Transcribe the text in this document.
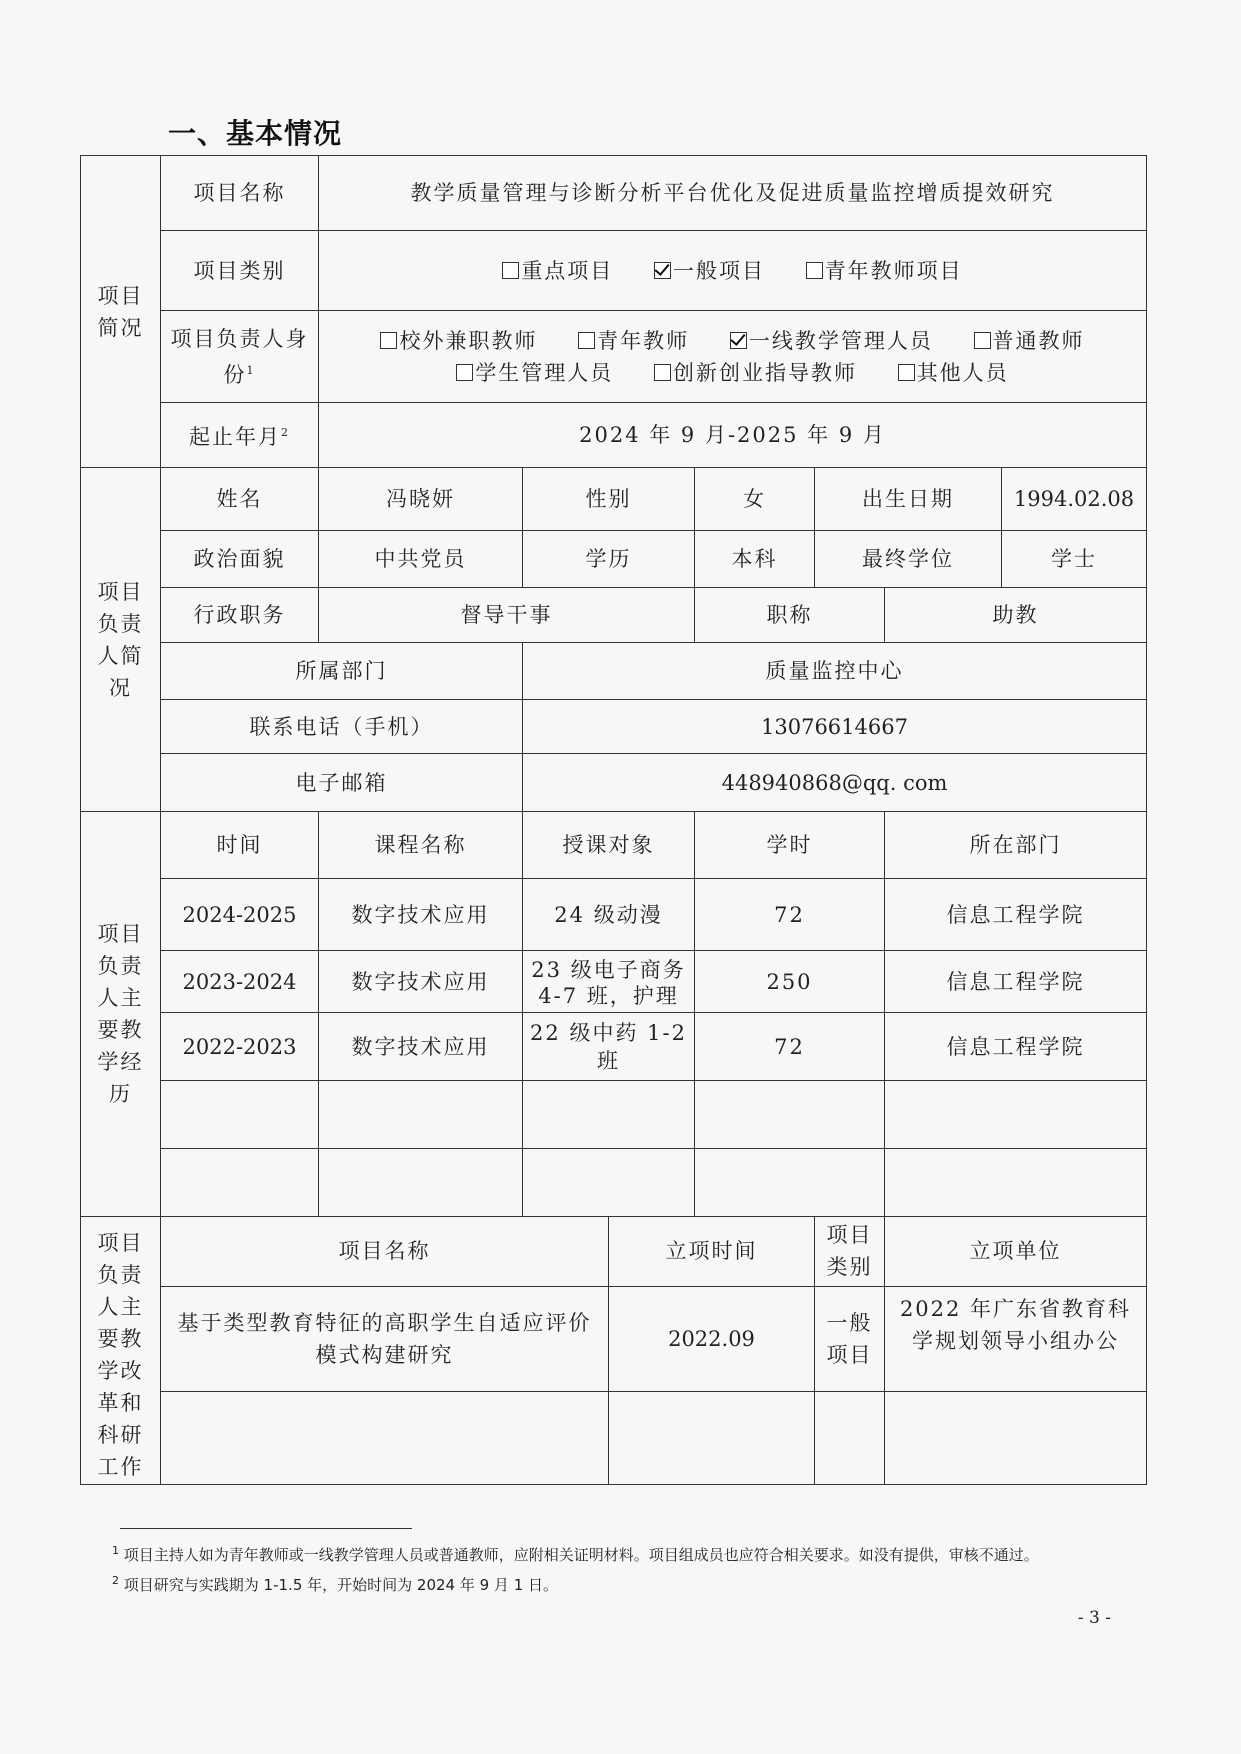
一、基本情况
项目简况	项目名称	教学质量管理与诊断分析平台优化及促进质量监控增质提效研究						
	项目类别	重点项目 一般项目 青年教师项目						
	项目负责人身份$^1$	校外兼职教师 青年教师 一线教学管理人员 普通教师
学生管理人员 创新创业指导教师 其他人员						

	起止年月$^2$	2024 年 9 月-2025 年 9 月						
项目负责人简况	姓名	冯晓妍	性别		女	出生日期		1994.02.08
	政治面貌	中共党员	学历		本科	最终学位		学士
	行政职务	督导干事			职称		助教	
	所属部门		质量监控中心					
	联系电话（手机）		13076614667					
	电子邮箱		448940868@qq. com					
项目负责人主要教学经历	时间	课程名称	授课对象		学时		所在部门	
	2024-2025	数字技术应用	24 级动漫		72		信息工程学院	
	2023-2024	数字技术应用	23 级电子商务 4-7 班，护理		250		信息工程学院	
	2022-2023	数字技术应用	22 级中药 1-2 班		72		信息工程学院	

项目负责人主要教学改革和科研工作	项目名称			立项时间		项目类别	立项单位	
	基于类型教育特征的高职学生自适应评价模式构建研究			2022.09		一般项目	2022 年广东省教育科学规划领导小组办公	

$^1$ 项目主持人如为青年教师或一线教学管理人员或普通教师，应附相关证明材料。项目组成员也应符合相关要求。如没有提供，审核不通过。

$^2$ 项目研究与实践期为 1-1.5 年，开始时间为 2024 年 9 月 1 日。

- 3 -
